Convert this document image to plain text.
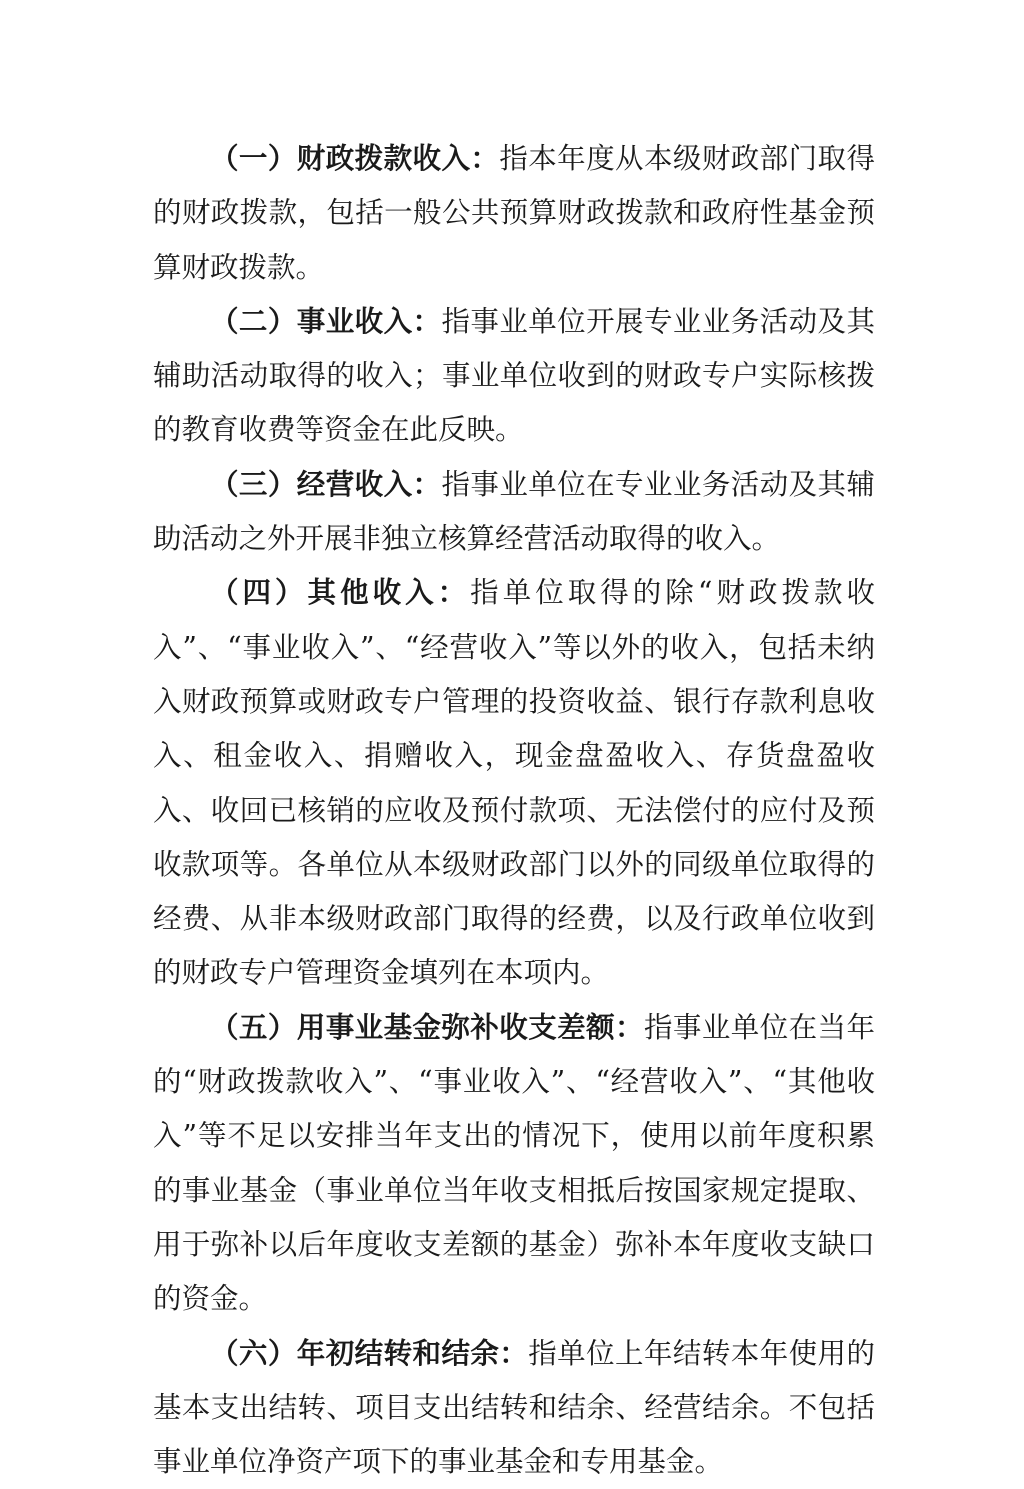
（一）财政拨款收入：指本年度从本级财政部门取得的财政拨款，包括一般公共预算财政拨款和政府性基金预算财政拨款。

（二）事业收入：指事业单位开展专业业务活动及其辅助活动取得的收入；事业单位收到的财政专户实际核拨的教育收费等资金在此反映。

（三）经营收入：指事业单位在专业业务活动及其辅助活动之外开展非独立核算经营活动取得的收入。

（四）其他收入：指单位取得的除“财政拨款收入”、“事业收入”、“经营收入”等以外的收入，包括未纳入财政预算或财政专户管理的投资收益、银行存款利息收入、租金收入、捐赠收入，现金盘盈收入、存货盘盈收入、收回已核销的应收及预付款项、无法偿付的应付及预收款项等。各单位从本级财政部门以外的同级单位取得的经费、从非本级财政部门取得的经费，以及行政单位收到的财政专户管理资金填列在本项内。

（五）用事业基金弥补收支差额：指事业单位在当年的“财政拨款收入”、“事业收入”、“经营收入”、“其他收入”等不足以安排当年支出的情况下，使用以前年度积累的事业基金（事业单位当年收支相抵后按国家规定提取、用于弥补以后年度收支差额的基金）弥补本年度收支缺口的资金。

（六）年初结转和结余：指单位上年结转本年使用的基本支出结转、项目支出结转和结余、经营结余。不包括事业单位净资产项下的事业基金和专用基金。
